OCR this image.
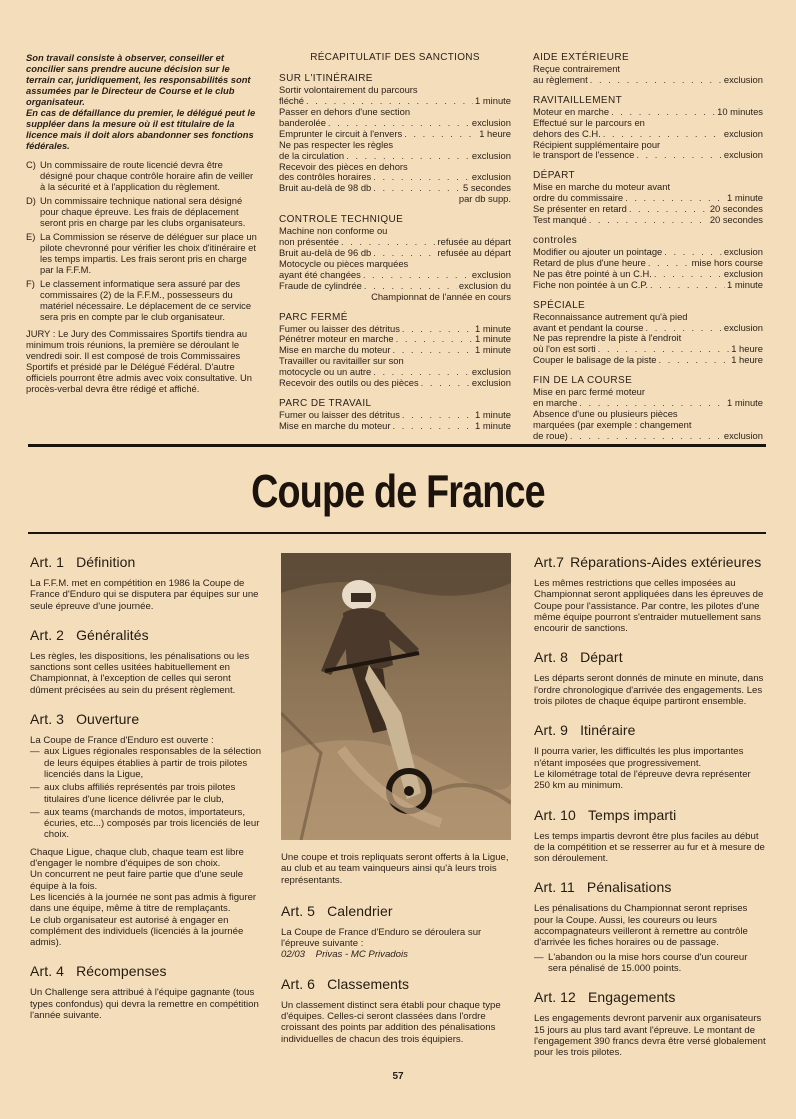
Son travail consiste à observer, conseiller et concilier sans prendre aucune décision sur le terrain car, juridiquement, les responsabilités sont assumées par le Directeur de Course et le club organisateur.

En cas de défaillance du premier, le délégué peut le suppléer dans la mesure où il est titulaire de la licence mais il doit alors abandonner ses fonctions fédérales.

C) Un commissaire de route licencié devra être désigné pour chaque contrôle horaire afin de veiller à la sécurité et à l'application du règlement.
D) Un commissaire technique national sera désigné pour chaque épreuve. Les frais de déplacement seront pris en charge par les clubs organisateurs.
E) La Commission se réserve de déléguer sur place un pilote chevronné pour vérifier les choix d'itinéraire et les temps impartis. Les frais seront pris en charge par la F.F.M.
F) Le classement informatique sera assuré par des commissaires (2) de la F.F.M., possesseurs du matériel nécessaire. Le déplacement de ce service sera pris en compte par le club organisateur.

JURY : Le Jury des Commissaires Sportifs tiendra au minimum trois réunions, la première se déroulant le vendredi soir. Il est composé de trois Commissaires Sportifs et présidé par le Délégué Fédéral. D'autre officiels pourront être admis avec voix consultative. Un procès-verbal devra être rédigé et affiché.

RÉCAPITULATIF DES SANCTIONS
SUR L'ITINÉRAIRE
Sortir volontairement du parcours
fléché . . .	1 minute
Passer en dehors d'une section
banderolée . . .	exclusion
Emprunter le circuit à l'envers . . .	1 heure
Ne pas respecter les règles
de la circulation . . .	exclusion
Recevoir des pièces en dehors
des contrôles horaires . . .	exclusion
Bruit au-delà de 98 db . . .	5 secondes
par db supp.
CONTROLE TECHNIQUE
Machine non conforme ou
non présentée . . .	refusée au départ
Bruit au-delà de 96 db . . .	refusée au départ
Motocycle ou pièces marquées
ayant été changées . . .	exclusion
Fraude de cylindrée . . .	exclusion du
Championnat de l'année en cours
PARC FERMÉ
Fumer ou laisser des détritus . . .	1 minute
Pénétrer moteur en marche . . .	1 minute
Mise en marche du moteur . . .	1 minute
Travailler ou ravitailler sur son
motocycle ou un autre . . .	exclusion
Recevoir des outils ou des pièces . . .	exclusion
PARC DE TRAVAIL
Fumer ou laisser des détritus . . .	1 minute
Mise en marche du moteur . . .	1 minute
AIDE EXTÉRIEURE
Reçue contrairement
au règlement . . .	exclusion
RAVITAILLEMENT
Moteur en marche . . .	10 minutes
Effectué sur le parcours en
dehors des C.H. . . .	exclusion
Récipient supplémentaire pour
le transport de l'essence . . .	exclusion
DÉPART
Mise en marche du moteur avant
ordre du commissaire . . .	1 minute
Se présenter en retard . . .	20 secondes
Test manqué . . .	20 secondes
controles
Modifier ou ajouter un pointage . . .	exclusion
Retard de plus d'une heure . . .	mise hors course
Ne pas être pointé à un C.H. . . .	exclusion
Fiche non pointée à un C.P. . . .	1 minute
SPÉCIALE
Reconnaissance autrement qu'à pied
avant et pendant la course . . .	exclusion
Ne pas reprendre la piste à l'endroit
où l'on est sorti . . .	1 heure
Couper le balisage de la piste . . .	1 heure
FIN DE LA COURSE
Mise en parc fermé moteur
en marche . . .	1 minute
Absence d'une ou plusieurs pièces
marquées (par exemple : changement
de roue) . . .	exclusion
Coupe de France
Art. 1 Définition

La F.F.M. met en compétition en 1986 la Coupe de France d'Enduro qui se disputera par équipes sur une seule épreuve d'une journée.

Art. 2 Généralités

Les règles, les dispositions, les pénalisations ou les sanctions sont celles usitées habituellement en Championnat, à l'exception de celles qui seront dûment précisées au sein du présent règlement.

Art. 3 Ouverture

La Coupe de France d'Enduro est ouverte :

— aux Ligues régionales responsables de la sélection de leurs équipes établies à partir de trois pilotes licenciés dans la Ligue,
— aux clubs affiliés représentés par trois pilotes titulaires d'une licence délivrée par le club,
— aux teams (marchands de motos, importateurs, écuries, etc...) composés par trois licenciés de leur choix.

Chaque Ligue, chaque club, chaque team est libre d'engager le nombre d'équipes de son choix.

Un concurrent ne peut faire partie que d'une seule équipe à la fois.

Les licenciés à la journée ne sont pas admis à figurer dans une équipe, même à titre de remplaçants.

Le club organisateur est autorisé à engager en complément des individuels (licenciés à la journée admis).

Art. 4 Récompenses

Un Challenge sera attribué à l'équipe gagnante (tous types confondus) qui devra la remettre en compétition l'année suivante.

Une coupe et trois repliquats seront offerts à la Ligue, au club et au team vainqueurs ainsi qu'à leurs trois représentants.

Art. 5 Calendrier

La Coupe de France d'Enduro se déroulera sur l'épreuve suivante :

02/03    Privas - MC Privadois

Art. 6 Classements

Un classement distinct sera établi pour chaque type d'équipes. Celles-ci seront classées dans l'ordre croissant des points par addition des pénalisations individuelles de chacun des trois équipiers.

Art.7 Réparations-Aides extérieures

Les mêmes restrictions que celles imposées au Championnat seront appliquées dans les épreuves de Coupe pour l'assistance. Par contre, les pilotes d'une même équipe pourront s'entraider mutuellement sans encourir de sanctions.

Art. 8 Départ

Les départs seront donnés de minute en minute, dans l'ordre chronologique d'arrivée des engagements. Les trois pilotes de chaque équipe partiront ensemble.

Art. 9 Itinéraire

Il pourra varier, les difficultés les plus importantes n'étant imposées que progressivement.

Le kilométrage total de l'épreuve devra représenter 250 km au minimum.

Art. 10 Temps imparti

Les temps impartis devront être plus faciles au début de la compétition et se resserrer au fur et à mesure de son déroulement.

Art. 11 Pénalisations

Les pénalisations du Championnat seront reprises pour la Coupe. Aussi, les coureurs ou leurs accompagnateurs veilleront à remettre au contrôle d'arrivée les fiches horaires ou de passage.

— L'abandon ou la mise hors course d'un coureur sera pénalisé de 15.000 points.
Art. 12 Engagements

Les engagements devront parvenir aux organisateurs 15 jours au plus tard avant l'épreuve. Le montant de l'engagement 390 francs devra être versé globalement pour les trois pilotes.

57
